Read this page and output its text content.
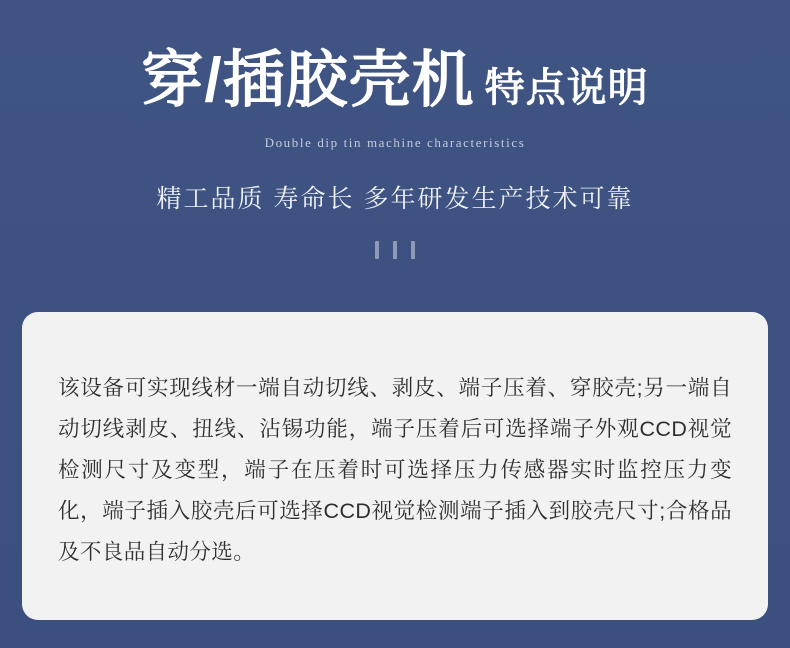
穿/插胶壳机 特点说明
Double dip tin machine characteristics
精工品质 寿命长 多年研发生产技术可靠

该设备可实现线材一端自动切线、剥皮、端子压着、穿胶壳;另一端自动切线剥皮、扭线、沾锡功能，端子压着后可选择端子外观CCD视觉检测尺寸及变型，端子在压着时可选择压力传感器实时监控压力变化，端子插入胶壳后可选择CCD视觉检测端子插入到胶壳尺寸;合格品及不良品自动分选。
